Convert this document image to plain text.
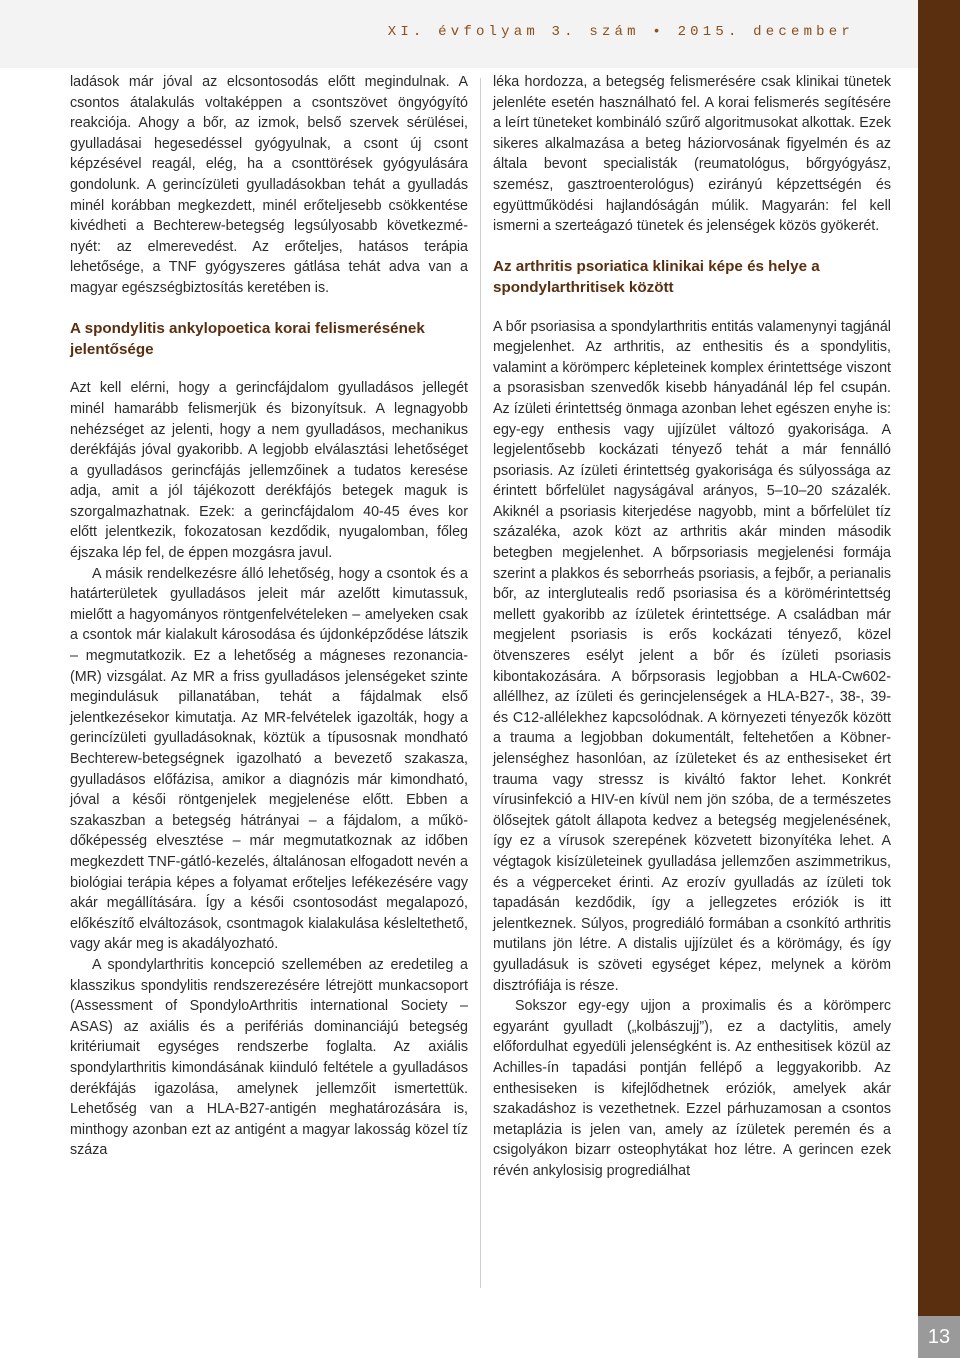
XI. évfolyam 3. szám • 2015. december
13

ladások már jóval az elcsontosodás előtt megindulnak. A csontos átalakulás voltaképpen a csontszövet öngyógyító reakciója. Ahogy a bőr, az izmok, belső szervek sérülései, gyulladásai hegesedéssel gyógyulnak, a csont új csont képzésével reagál, elég, ha a csonttörések gyógyulására gondolunk. A gerincízületi gyulladásokban tehát a gyulladás minél korábban megkezdett, minél erőteljesebb csökkentése kivédheti a Bechterew-betegség legsúlyosabb következményét: az elmerevedést. Az erőteljes, hatásos terápia lehetősége, a TNF gyógyszeres gátlása tehát adva van a magyar egészségbiztosítás keretében is.

A spondylitis ankylopoetica korai felismerésének jelentősége

Azt kell elérni, hogy a gerincfájdalom gyulladásos jellegét minél hamarább felismerjük és bizonyítsuk. A legnagyobb nehézséget az jelenti, hogy a nem gyulladásos, mechanikus derékfájás jóval gyakoribb. A legjobb elválasztási lehetőséget a gyulladásos gerincfájás jellemzőinek a tudatos keresése adja, amit a jól tájékozott derékfájós betegek maguk is szorgalmazhatnak. Ezek: a gerincfájdalom 40-45 éves kor előtt jelentkezik, fokozatosan kezdődik, nyugalomban, főleg éjszaka lép fel, de éppen mozgásra javul.

A másik rendelkezésre álló lehetőség, hogy a csontok és a határterületek gyulladásos jeleit már azelőtt kimutassuk, mielőtt a hagyományos röntgenfelvételeken – amelyeken csak a csontok már kialakult károsodása és újdonképződése látszik – megmutatkozik. Ez a lehetőség a mágneses rezonancia- (MR) vizsgálat. Az MR a friss gyulladásos jelenségeket szinte megindulásuk pillanatában, tehát a fájdalmak első jelentkezésekor kimutatja. Az MR-felvételek igazolták, hogy a gerincízületi gyulladásoknak, köztük a típusosnak mondható Bechterew-betegségnek igazolható a bevezető szakasza, gyulladásos előfázisa, amikor a diagnózis már kimondható, jóval a késői röntgenjelek megjelenése előtt. Ebben a szakaszban a betegség hátrányai – a fájdalom, a működőképesség elvesztése – már megmutatkoznak az időben megkezdett TNF-gátló-kezelés, általánosan elfogadott nevén a biológiai terápia képes a folyamat erőteljes lefékezésére vagy akár megállítására. Így a késői csontosodást megalapozó, előkészítő elváltozások, csontmagok kialakulása késleltethető, vagy akár meg is akadályozható.

A spondylarthritis koncepció szellemében az eredetileg a klasszikus spondylitis rendszerezésére létrejött munkacsoport (Assessment of SpondyloArthritis international Society – ASAS) az axiális és a perifériás dominanciájú betegség kritériumait egységes rendszerbe foglalta. Az axiális spondylarthritis kimondásának kiinduló feltétele a gyulladásos derékfájás igazolása, amelynek jellemzőit ismertettük. Lehetőség van a HLA-B27-antigén meghatározására is, minthogy azonban ezt az antigént a magyar lakosság közel tíz száza

léka hordozza, a betegség felismerésére csak klinikai tünetek jelenléte esetén használható fel. A korai felismerés segítésére a leírt tüneteket kombináló szűrő algoritmusokat alkottak. Ezek sikeres alkalmazása a beteg háziorvosának figyelmén és az általa bevont specialisták (reumatológus, bőrgyógyász, szemész, gasztroenterológus) ezirányú képzettségén és együttműködési hajlandóságán múlik. Magyarán: fel kell ismerni a szerteágazó tünetek és jelenségek közös gyökerét.

Az arthritis psoriatica klinikai képe és helye a spondylarthritisek között

A bőr psoriasisa a spondylarthritis entitás valamenynyi tagjánál megjelenhet. Az arthritis, az enthesitis és a spondylitis, valamint a körömperc képleteinek komplex érintettsége viszont a psorasisban szenvedők kisebb hányadánál lép fel csupán. Az ízületi érintettség önmaga azonban lehet egészen enyhe is: egy-egy enthesis vagy ujjízület változó gyakorisága. A legjelentősebb kockázati tényező tehát a már fennálló psoriasis. Az ízületi érintettség gyakorisága és súlyossága az érintett bőrfelület nagyságával arányos, 5–10–20 százalék. Akiknél a psoriasis kiterjedése nagyobb, mint a bőrfelület tíz százaléka, azok közt az arthritis akár minden második betegben megjelenhet. A bőrpsoriasis megjelenési formája szerint a plakkos és seborrheás psoriasis, a fejbőr, a perianalis bőr, az interglutealis redő psoriasisa és a körömérintettség mellett gyakoribb az ízületek érintettsége. A családban már megjelent psoriasis is erős kockázati tényező, közel ötvenszeres esélyt jelent a bőr és ízületi psoriasis kibontakozására. A bőrpsorasis legjobban a HLA-Cw602-alléllhez, az ízületi és gerincjelenségek a HLA-B27-, 38-, 39- és C12-allélekhez kapcsolódnak. A környezeti tényezők között a trauma a legjobban dokumentált, feltehetően a Köbner-jelenséghez hasonlóan, az ízületeket és az enthesiseket ért trauma vagy stressz is kiváltó faktor lehet. Konkrét vírusinfekció a HIV-en kívül nem jön szóba, de a természetes ölősejtek gátolt állapota kedvez a betegség megjelenésének, így ez a vírusok szerepének közvetett bizonyítéka lehet. A végtagok kisízületeinek gyulladása jellemzően aszimmetrikus, és a végperceket érinti. Az erozív gyulladás az ízületi tok tapadásán kezdődik, így a jellegzetes eróziók is itt jelentkeznek. Súlyos, progrediáló formában a csonkító arthritis mutilans jön létre. A distalis ujjízület és a körömágy, és így gyulladásuk is szöveti egységet képez, melynek a köröm disztrófiája is része.

Sokszor egy-egy ujjon a proximalis és a körömperc egyaránt gyulladt („kolbászujj”), ez a dactylitis, amely előfordulhat egyedüli jelenségként is. Az enthesitisek közül az Achilles-ín tapadási pontján fellépő a leggyakoribb. Az enthesiseken is kifejlődhetnek eróziók, amelyek akár szakadáshoz is vezethetnek. Ezzel párhuzamosan a csontos metaplázia is jelen van, amely az ízületek peremén és a csigolyákon bizarr osteophytákat hoz létre. A gerincen ezek révén ankylosisig progrediálhat
